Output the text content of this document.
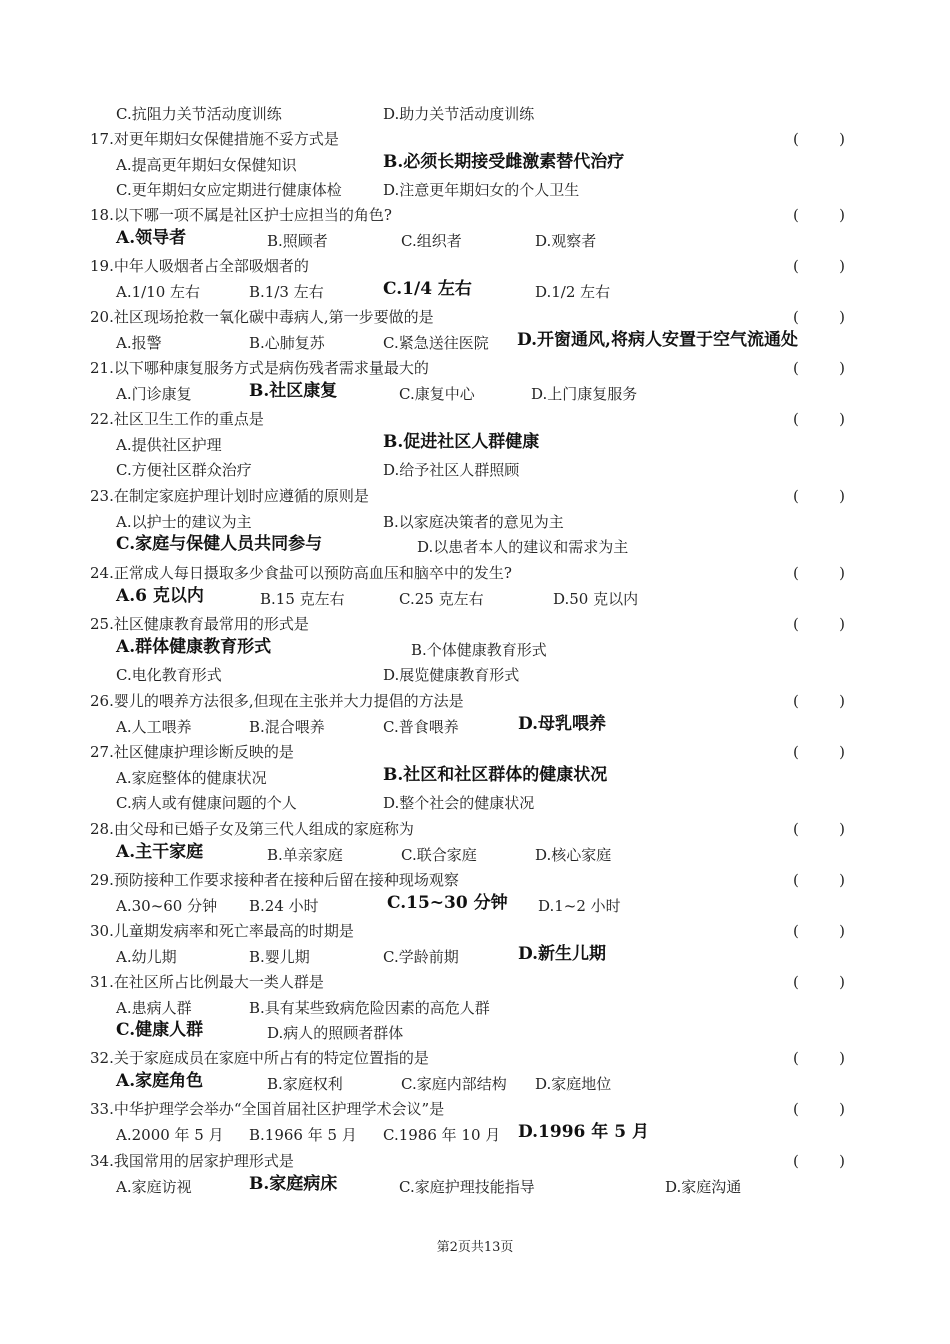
C.抗阻力关节活动度训练	D.助力关节活动度训练
17.对更年期妇女保健措施不妥方式是	(	)
A.提高更年期妇女保健知识	B.必须长期接受雌激素替代治疗
C.更年期妇女应定期进行健康体检	D.注意更年期妇女的个人卫生
18.以下哪一项不属是社区护士应担当的角色?	(	)
A.领导者	B.照顾者	C.组织者	D.观察者
19.中年人吸烟者占全部吸烟者的	(	)
A.1/10 左右	B.1/3 左右	C.1/4 左右	D.1/2 左右
20.社区现场抢救一氧化碳中毒病人,第一步要做的是	(	)
A.报警	B.心肺复苏	C.紧急送往医院 D.开窗通风,将病人安置于空气流通处
21.以下哪种康复服务方式是病伤残者需求量最大的	(	)
A.门诊康复	B.社区康复	C.康复中心	D.上门康复服务
22.社区卫生工作的重点是	(	)
A.提供社区护理	B.促进社区人群健康
C.方便社区群众治疗	D.给予社区人群照顾
23.在制定家庭护理计划时应遵循的原则是	(	)
A.以护士的建议为主	B.以家庭决策者的意见为主
C.家庭与保健人员共同参与	D.以患者本人的建议和需求为主
24.正常成人每日摄取多少食盐可以预防高血压和脑卒中的发生?	(	)
A.6 克以内	B.15 克左右	C.25 克左右	D.50 克以内
25.社区健康教育最常用的形式是	(	)
A.群体健康教育形式	B.个体健康教育形式
C.电化教育形式	D.展览健康教育形式
26.婴儿的喂养方法很多,但现在主张并大力提倡的方法是	(	)
A.人工喂养	B.混合喂养	C.普食喂养	D.母乳喂养
27.社区健康护理诊断反映的是	(	)
A.家庭整体的健康状况	B.社区和社区群体的健康状况
C.病人或有健康问题的个人	D.整个社会的健康状况
28.由父母和已婚子女及第三代人组成的家庭称为	(	)
A.主干家庭	B.单亲家庭	C.联合家庭	D.核心家庭
29.预防接种工作要求接种者在接种后留在接种现场观察	(	)
A.30~60 分钟 B.24 小时	C.15~30 分钟 D.1~2 小时
30.儿童期发病率和死亡率最高的时期是	(	)
A.幼儿期	B.婴儿期	C.学龄前期	D.新生儿期
31.在社区所占比例最大一类人群是	(	)
A.患病人群	B.具有某些致病危险因素的高危人群
C.健康人群	D.病人的照顾者群体
32.关于家庭成员在家庭中所占有的特定位置指的是	(	)
A.家庭角色	B.家庭权利	C.家庭内部结构 D.家庭地位
33.中华护理学会举办“全国首届社区护理学术会议”是	(	)
A.2000 年 5 月 B.1966 年 5 月 C.1986 年 10 月 D.1996 年 5 月
34.我国常用的居家护理形式是	(	)
A.家庭访视	B.家庭病床	C.家庭护理技能指导	D.家庭沟通
第2页共13页
